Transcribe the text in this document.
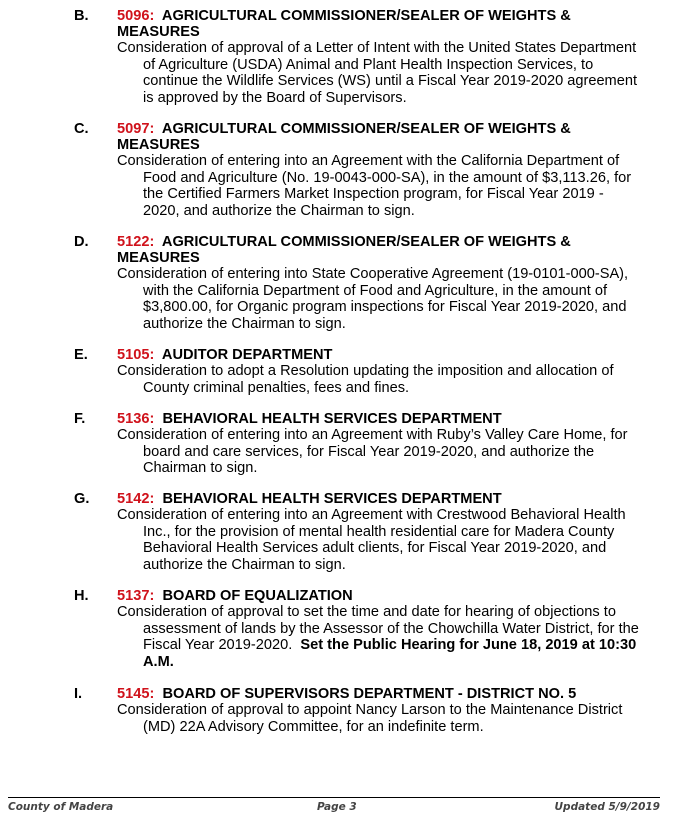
B. 5096: AGRICULTURAL COMMISSIONER/SEALER OF WEIGHTS & MEASURES
Consideration of approval of a Letter of Intent with the United States Department of Agriculture (USDA) Animal and Plant Health Inspection Services, to continue the Wildlife Services (WS) until a Fiscal Year 2019-2020 agreement is approved by the Board of Supervisors.
C. 5097: AGRICULTURAL COMMISSIONER/SEALER OF WEIGHTS & MEASURES
Consideration of entering into an Agreement with the California Department of Food and Agriculture (No. 19-0043-000-SA), in the amount of $3,113.26, for the Certified Farmers Market Inspection program, for Fiscal Year 2019 - 2020, and authorize the Chairman to sign.
D. 5122: AGRICULTURAL COMMISSIONER/SEALER OF WEIGHTS & MEASURES
Consideration of entering into State Cooperative Agreement (19-0101-000-SA), with the California Department of Food and Agriculture, in the amount of $3,800.00, for Organic program inspections for Fiscal Year 2019-2020, and authorize the Chairman to sign.
E. 5105: AUDITOR DEPARTMENT
Consideration to adopt a Resolution updating the imposition and allocation of County criminal penalties, fees and fines.
F. 5136: BEHAVIORAL HEALTH SERVICES DEPARTMENT
Consideration of entering into an Agreement with Ruby’s Valley Care Home, for board and care services, for Fiscal Year 2019-2020, and authorize the Chairman to sign.
G. 5142: BEHAVIORAL HEALTH SERVICES DEPARTMENT
Consideration of entering into an Agreement with Crestwood Behavioral Health Inc., for the provision of mental health residential care for Madera County Behavioral Health Services adult clients, for Fiscal Year 2019-2020, and authorize the Chairman to sign.
H. 5137: BOARD OF EQUALIZATION
Consideration of approval to set the time and date for hearing of objections to assessment of lands by the Assessor of the Chowchilla Water District, for the Fiscal Year 2019-2020. Set the Public Hearing for June 18, 2019 at 10:30 A.M.
I. 5145: BOARD OF SUPERVISORS DEPARTMENT - DISTRICT NO. 5
Consideration of approval to appoint Nancy Larson to the Maintenance District (MD) 22A Advisory Committee, for an indefinite term.
County of Madera	Page 3	Updated 5/9/2019
